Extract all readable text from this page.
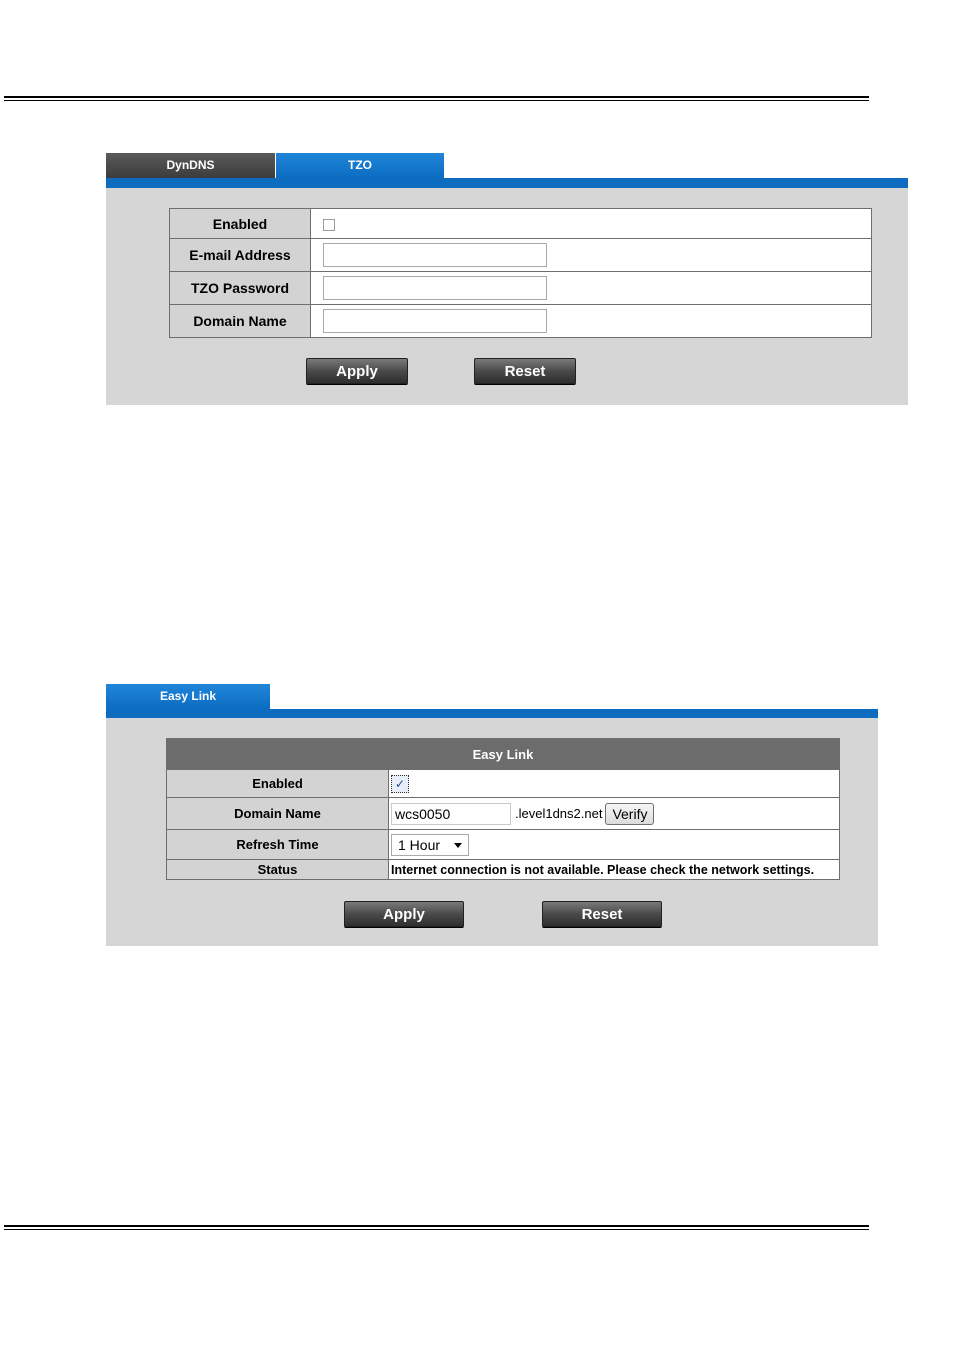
DynDNS	TZO
Enabled	
E-mail Address	
TZO Password	
Domain Name	
Apply	Reset
Easy Link
Easy Link	
Enabled	✓

Domain Name	wcs0050 .level1dns2.net Verify
Refresh Time	1 Hour

Status	Internet connection is not available. Please check the network settings.
Apply	Reset
